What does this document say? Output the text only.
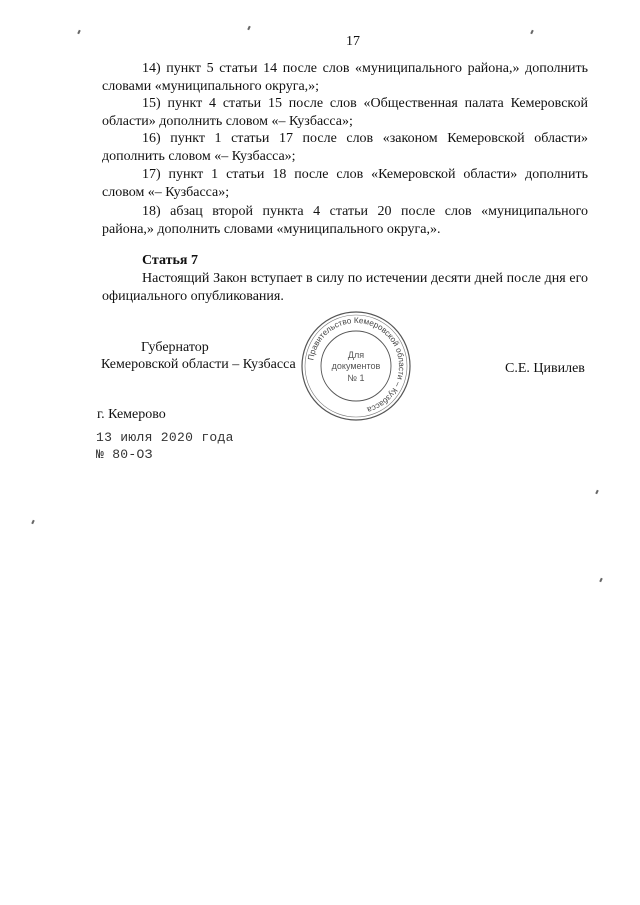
17

14) пункт 5 статьи 14 после слов «муниципального района,» дополнить словами «муниципального округа,»;

15) пункт 4 статьи 15 после слов «Общественная палата Кемеровской области» дополнить словом «– Кузбасса»;

16) пункт 1 статьи 17 после слов «законом Кемеровской области» дополнить словом «– Кузбасса»;

17) пункт 1 статьи 18 после слов «Кемеровской области» дополнить словом «– Кузбасса»;

18) абзац второй пункта 4 статьи 20 после слов «муниципального района,» дополнить словами «муниципального округа,».

Статья 7

Настоящий Закон вступает в силу по истечении десяти дней после дня его официального опубликования.

Губернатор
Кемеровской области – Кузбасса	С.Е. Цивилев
Правительство Кемеровской области – Кузбасса
Для
документов
№ 1
г. Кемерово
13 июля 2020 года
№ 80-ОЗ
